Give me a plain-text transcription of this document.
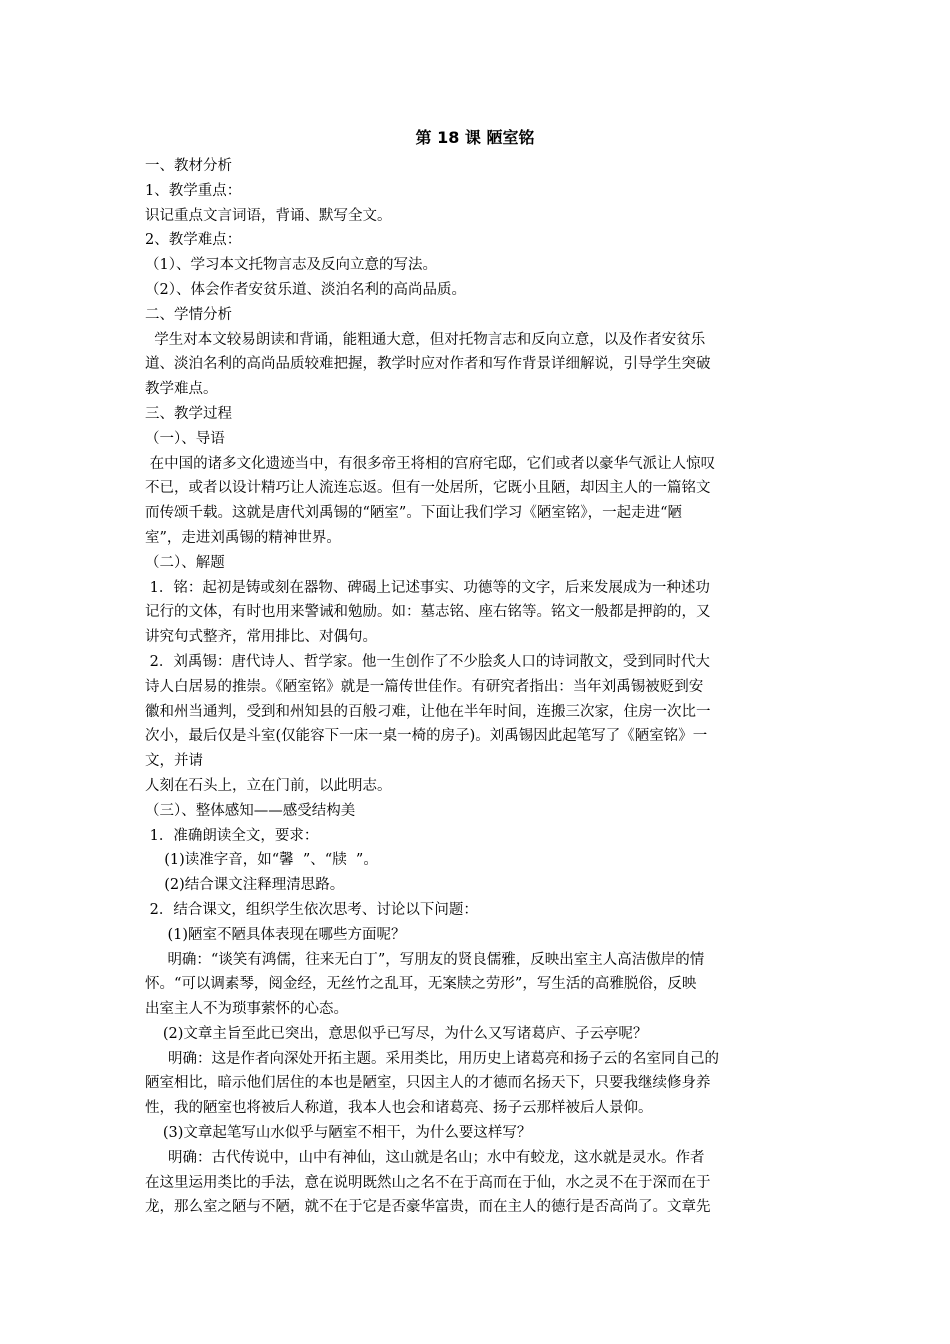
第 18 课 陋室铭

一、教材分析

1、教学重点：

识记重点文言词语，背诵、默写全文。

2、教学难点：

（1）、学习本文托物言志及反向立意的写法。

（2）、体会作者安贫乐道、淡泊名利的高尚品质。

二、学情分析

学生对本文较易朗读和背诵，能粗通大意，但对托物言志和反向立意，以及作者安贫乐

道、淡泊名利的高尚品质较难把握，教学时应对作者和写作背景详细解说，引导学生突破

教学难点。

三、教学过程

（一）、导语

在中国的诸多文化遗迹当中，有很多帝王将相的宫府宅邸，它们或者以豪华气派让人惊叹

不已，或者以设计精巧让人流连忘返。但有一处居所，它既小且陋，却因主人的一篇铭文

而传颂千载。这就是唐代刘禹锡的“陋室”。下面让我们学习《陋室铭》，一起走进“陋

室”，走进刘禹锡的精神世界。

（二）、解题

1．铭：起初是铸或刻在器物、碑碣上记述事实、功德等的文字，后来发展成为一种述功

记行的文体，有时也用来警诫和勉励。如：墓志铭、座右铭等。铭文一般都是押韵的，又

讲究句式整齐，常用排比、对偶句。

2．刘禹锡：唐代诗人、哲学家。他一生创作了不少脍炙人口的诗词散文，受到同时代大

诗人白居易的推崇。《陋室铭》就是一篇传世佳作。有研究者指出：当年刘禹锡被贬到安

徽和州当通判，受到和州知县的百般刁难，让他在半年时间，连搬三次家，住房一次比一

次小，最后仅是斗室(仅能容下一床一桌一椅的房子)。刘禹锡因此起笔写了《陋室铭》一

文，并请

人刻在石头上，立在门前，以此明志。

（三）、整体感知——感受结构美

1．准确朗读全文，要求：

(1)读准字音，如“馨  ”、“牍  ”。

(2)结合课文注释理清思路。

2．结合课文，组织学生依次思考、讨论以下问题：

(1)陋室不陋具体表现在哪些方面呢？

明确：“谈笑有鸿儒，往来无白丁”，写朋友的贤良儒雅，反映出室主人高洁傲岸的情

怀。“可以调素琴，阅金经，无丝竹之乱耳，无案牍之劳形”，写生活的高雅脱俗，反映

出室主人不为琐事萦怀的心态。

(2)文章主旨至此已突出，意思似乎已写尽，为什么又写诸葛庐、子云亭呢？

明确：这是作者向深处开拓主题。采用类比，用历史上诸葛亮和扬子云的名室同自己的

陋室相比，暗示他们居住的本也是陋室，只因主人的才德而名扬天下，只要我继续修身养

性，我的陋室也将被后人称道，我本人也会和诸葛亮、扬子云那样被后人景仰。

(3)文章起笔写山水似乎与陋室不相干，为什么要这样写？

明确：古代传说中，山中有神仙，这山就是名山；水中有蛟龙，这水就是灵水。作者

在这里运用类比的手法，意在说明既然山之名不在于高而在于仙，水之灵不在于深而在于

龙，那么室之陋与不陋，就不在于它是否豪华富贵，而在主人的德行是否高尚了。文章先
